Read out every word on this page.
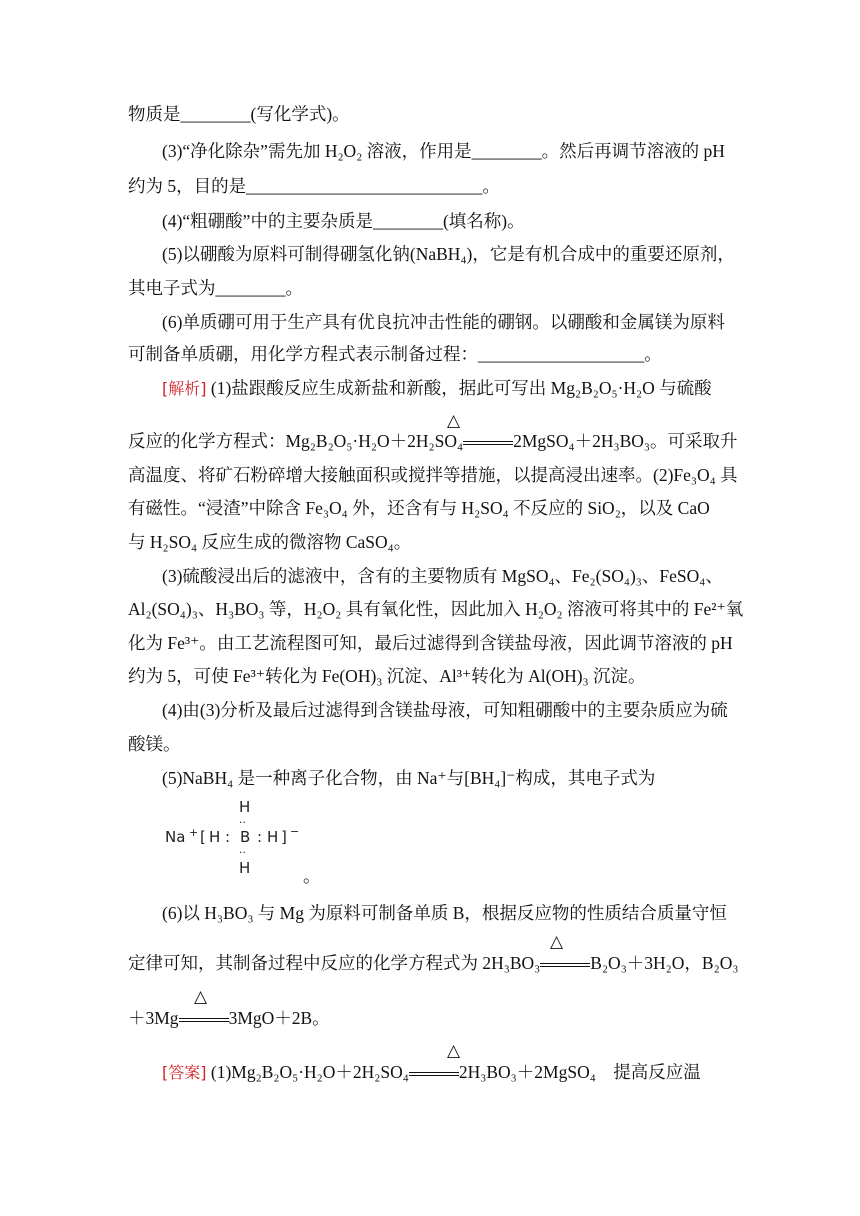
物质是________(写化学式)。
(3)“净化除杂”需先加 H₂O₂ 溶液，作用是________。然后再调节溶液的 pH
约为 5，目的是___________________________。
(4)“粗硼酸”中的主要杂质是________(填名称)。
(5)以硼酸为原料可制得硼氢化钠(NaBH₄)，它是有机合成中的重要还原剂，
其电子式为________。
(6)单质硼可用于生产具有优良抗冲击性能的硼钢。以硼酸和金属镁为原料
可制备单质硼，用化学方程式表示制备过程：___________________。
[解析] (1)盐跟酸反应生成新盐和新酸，据此可写出 Mg₂B₂O₅·H₂O 与硫酸
△
反应的化学方程式：Mg₂B₂O₅·H₂O＋2H₂SO₄	2MgSO₄＋2H₃BO₃。可采取升
高温度、将矿石粉碎增大接触面积或搅拌等措施，以提高浸出速率。(2)Fe₃O₄ 具
有磁性。“浸渣”中除含 Fe₃O₄ 外，还含有与 H₂SO₄ 不反应的 SiO₂，以及 CaO
与 H₂SO₄ 反应生成的微溶物 CaSO₄。
(3)硫酸浸出后的滤液中，含有的主要物质有 MgSO₄、Fe₂(SO₄)₃、FeSO₄、
Al₂(SO₄)₃、H₃BO₃ 等，H₂O₂ 具有氧化性，因此加入 H₂O₂ 溶液可将其中的 Fe²⁺氧
化为 Fe³⁺。由工艺流程图可知，最后过滤得到含镁盐母液，因此调节溶液的 pH
约为 5，可使 Fe³⁺转化为 Fe(OH)₃ 沉淀、Al³⁺转化为 Al(OH)₃ 沉淀。
(4)由(3)分析及最后过滤得到含镁盐母液，可知粗硼酸中的主要杂质应为硫
酸镁。
(5)NaBH₄ 是一种离子化合物，由 Na⁺与[BH₄]⁻构成，其电子式为
H
··
Na + [ H : B : H ] −
··
H	。
(6)以 H₃BO₃ 与 Mg 为原料可制备单质 B，根据反应物的性质结合质量守恒
△
定律可知，其制备过程中反应的化学方程式为 2H₃BO₃	B₂O₃＋3H₂O，B₂O₃
△
＋3Mg	3MgO＋2B。
△
[答案] (1)Mg₂B₂O₅·H₂O＋2H₂SO₄	2H₃BO₃＋2MgSO₄　提高反应温
